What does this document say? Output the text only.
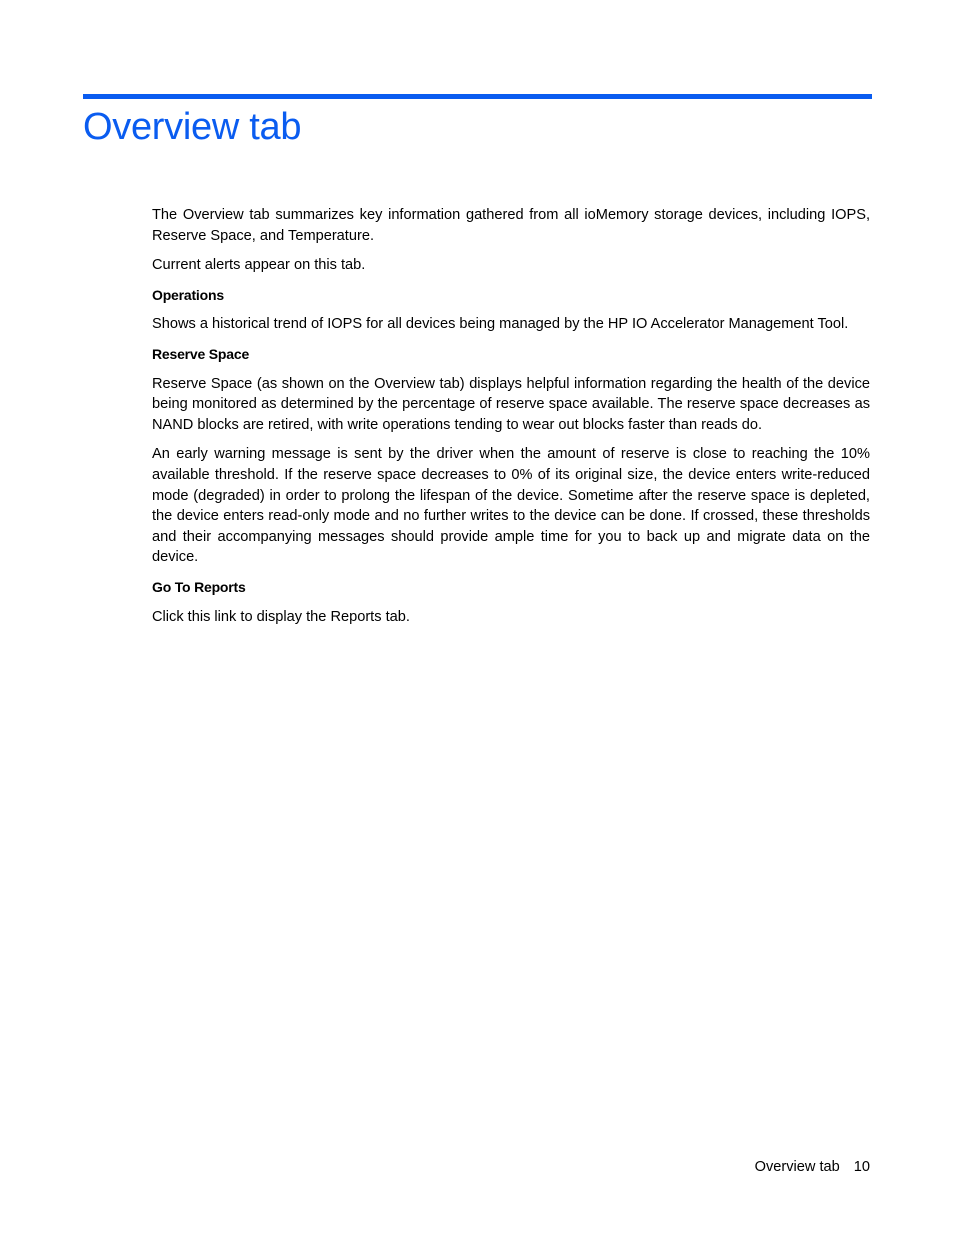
Overview tab

The Overview tab summarizes key information gathered from all ioMemory storage devices, including IOPS, Reserve Space, and Temperature.

Current alerts appear on this tab.

Operations

Shows a historical trend of IOPS for all devices being managed by the HP IO Accelerator Management Tool.

Reserve Space

Reserve Space (as shown on the Overview tab) displays helpful information regarding the health of the device being monitored as determined by the percentage of reserve space available. The reserve space decreases as NAND blocks are retired, with write operations tending to wear out blocks faster than reads do.

An early warning message is sent by the driver when the amount of reserve is close to reaching the 10% available threshold. If the reserve space decreases to 0% of its original size, the device enters write-reduced mode (degraded) in order to prolong the lifespan of the device. Sometime after the reserve space is depleted, the device enters read-only mode and no further writes to the device can be done. If crossed, these thresholds and their accompanying messages should provide ample time for you to back up and migrate data on the device.

Go To Reports

Click this link to display the Reports tab.

Overview tab 10
